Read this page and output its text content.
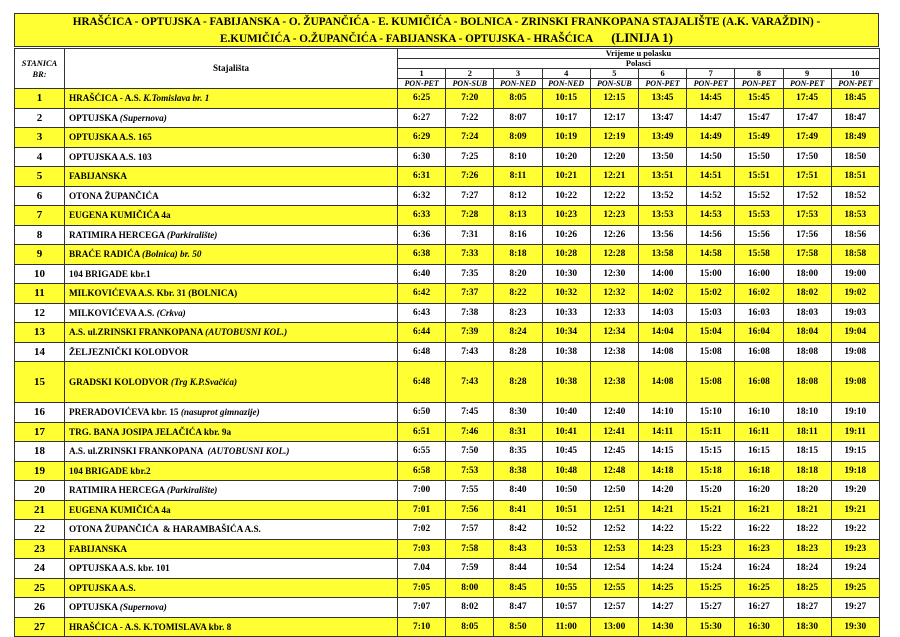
HRAŠĆICA - OPTUJSKA - FABIJANSKA - O. ŽUPANČIĆA - E. KUMIČIĆA - BOLNICA - ZRINSKI FRANKOPANA STAJALIŠTE (A.K. VARAŽDIN) -
E.KUMIČIĆA - O.ŽUPANČIĆA - FABIJANSKA - OPTUJSKA - HRAŠĆICA (LINIJA 1)
STANICA
BR:	Stajališta	Vrijeme u polasku									
		Polasci									
		1	2	3	4	5	6	7	8	9	10
		PON-PET	PON-SUB	PON-NED	PON-NED	PON-SUB	PON-PET	PON-PET	PON-PET	PON-PET	PON-PET
1	HRAŠĆICA - A.S. K.Tomislava br. 1	6:25	7:20	8:05	10:15	12:15	13:45	14:45	15:45	17:45	18:45
2	OPTUJSKA (Supernova)	6:27	7:22	8:07	10:17	12:17	13:47	14:47	15:47	17:47	18:47
3	OPTUJSKA A.S. 165	6:29	7:24	8:09	10:19	12:19	13:49	14:49	15:49	17:49	18:49
4	OPTUJSKA A.S. 103	6:30	7:25	8:10	10:20	12:20	13:50	14:50	15:50	17:50	18:50
5	FABIJANSKA	6:31	7:26	8:11	10:21	12:21	13:51	14:51	15:51	17:51	18:51
6	OTONA ŽUPANČIĆA	6:32	7:27	8:12	10:22	12:22	13:52	14:52	15:52	17:52	18:52
7	EUGENA KUMIČIĆA 4a	6:33	7:28	8:13	10:23	12:23	13:53	14:53	15:53	17:53	18:53
8	RATIMIRA HERCEGA (Parkiralište)	6:36	7:31	8:16	10:26	12:26	13:56	14:56	15:56	17:56	18:56
9	BRAĆE RADIĆA (Bolnica) br. 50	6:38	7:33	8:18	10:28	12:28	13:58	14:58	15:58	17:58	18:58
10	104 BRIGADE kbr.1	6:40	7:35	8:20	10:30	12:30	14:00	15:00	16:00	18:00	19:00
11	MILKOVIĆEVA A.S. Kbr. 31 (BOLNICA)	6:42	7:37	8:22	10:32	12:32	14:02	15:02	16:02	18:02	19:02
12	MILKOVIĆEVA A.S. (Crkva)	6:43	7:38	8:23	10:33	12:33	14:03	15:03	16:03	18:03	19:03
13	A.S. ul.ZRINSKI FRANKOPANA (AUTOBUSNI KOL.)	6:44	7:39	8:24	10:34	12:34	14:04	15:04	16:04	18:04	19:04
14	ŽELJEZNIČKI KOLODVOR	6:48	7:43	8:28	10:38	12:38	14:08	15:08	16:08	18:08	19:08
15	GRADSKI KOLODVOR (Trg K.P.Svačića)	6:48	7:43	8:28	10:38	12:38	14:08	15:08	16:08	18:08	19:08
16	PRERADOVIĆEVA kbr. 15 (nasuprot gimnazije)	6:50	7:45	8:30	10:40	12:40	14:10	15:10	16:10	18:10	19:10
17	TRG. BANA JOSIPA JELAČIĆA kbr. 9a	6:51	7:46	8:31	10:41	12:41	14:11	15:11	16:11	18:11	19:11
18	A.S. ul.ZRINSKI FRANKOPANA  (AUTOBUSNI KOL.)	6:55	7:50	8:35	10:45	12:45	14:15	15:15	16:15	18:15	19:15
19	104 BRIGADE kbr.2	6:58	7:53	8:38	10:48	12:48	14:18	15:18	16:18	18:18	19:18
20	RATIMIRA HERCEGA (Parkiralište)	7:00	7:55	8:40	10:50	12:50	14:20	15:20	16:20	18:20	19:20
21	EUGENA KUMIČIĆA 4a	7:01	7:56	8:41	10:51	12:51	14:21	15:21	16:21	18:21	19:21
22	OTONA ŽUPANČIĆA  & HARAMBAŠIĆA A.S.	7:02	7:57	8:42	10:52	12:52	14:22	15:22	16:22	18:22	19:22
23	FABIJANSKA	7:03	7:58	8:43	10:53	12:53	14:23	15:23	16:23	18:23	19:23
24	OPTUJSKA A.S. kbr. 101	7.04	7:59	8:44	10:54	12:54	14:24	15:24	16:24	18:24	19:24
25	OPTUJSKA A.S.	7:05	8:00	8:45	10:55	12:55	14:25	15:25	16:25	18:25	19:25
26	OPTUJSKA (Supernova)	7:07	8:02	8:47	10:57	12:57	14:27	15:27	16:27	18:27	19:27
27	HRAŠĆICA - A.S. K.TOMISLAVA kbr. 8	7:10	8:05	8:50	11:00	13:00	14:30	15:30	16:30	18:30	19:30
